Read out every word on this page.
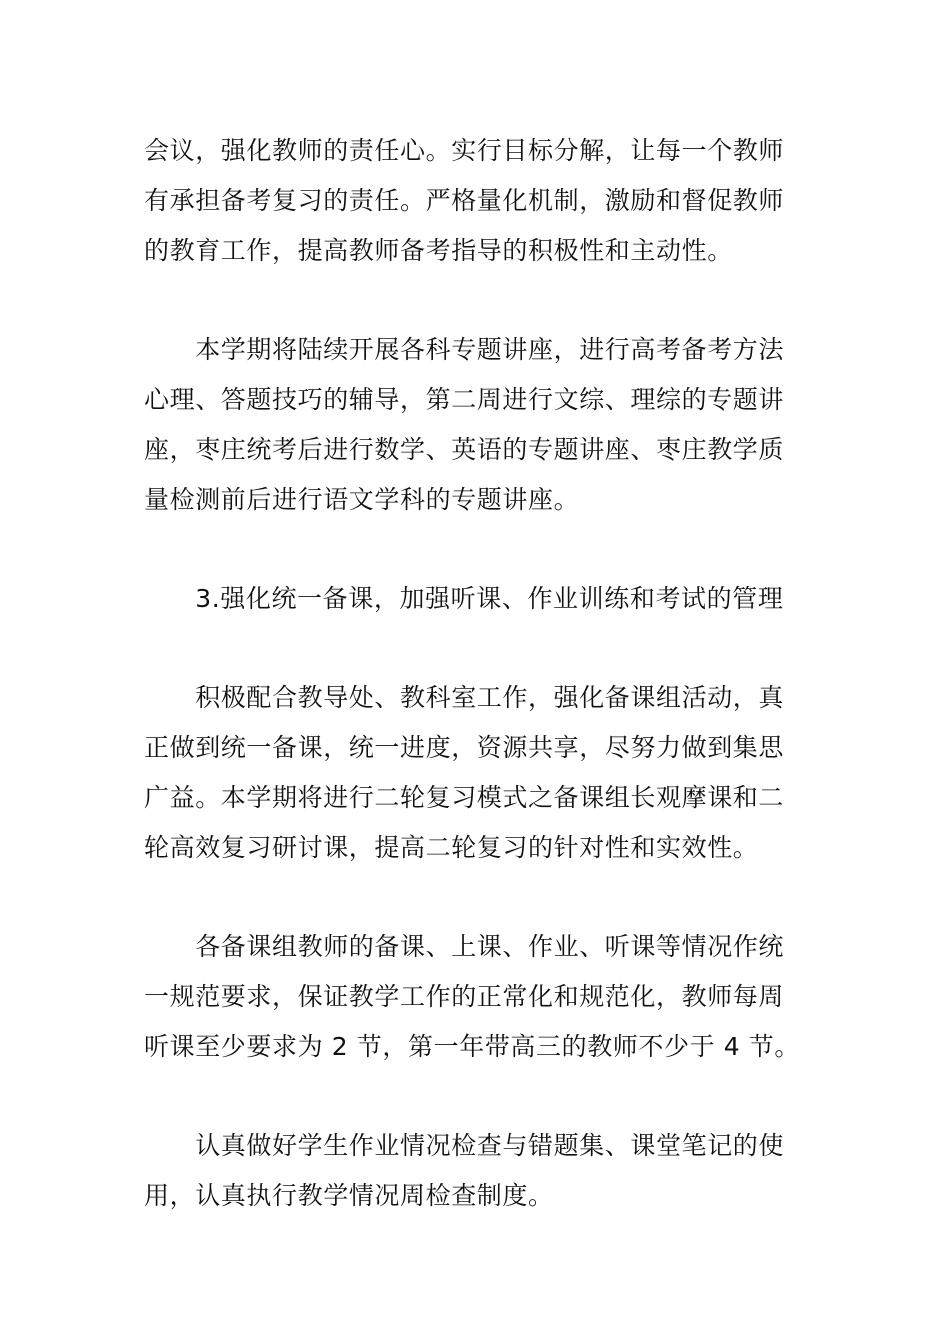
会议，强化教师的责任心。实行目标分解，让每一个教师
有承担备考复习的责任。严格量化机制，激励和督促教师
的教育工作，提高教师备考指导的积极性和主动性。

　　本学期将陆续开展各科专题讲座，进行高考备考方法
心理、答题技巧的辅导，第二周进行文综、理综的专题讲
座，枣庄统考后进行数学、英语的专题讲座、枣庄教学质
量检测前后进行语文学科的专题讲座。

　　3.强化统一备课，加强听课、作业训练和考试的管理

　　积极配合教导处、教科室工作，强化备课组活动，真
正做到统一备课，统一进度，资源共享，尽努力做到集思
广益。本学期将进行二轮复习模式之备课组长观摩课和二
轮高效复习研讨课，提高二轮复习的针对性和实效性。

　　各备课组教师的备课、上课、作业、听课等情况作统
一规范要求，保证教学工作的正常化和规范化，教师每周
听课至少要求为 2 节，第一年带高三的教师不少于 4 节。

　　认真做好学生作业情况检查与错题集、课堂笔记的使
用，认真执行教学情况周检查制度。
